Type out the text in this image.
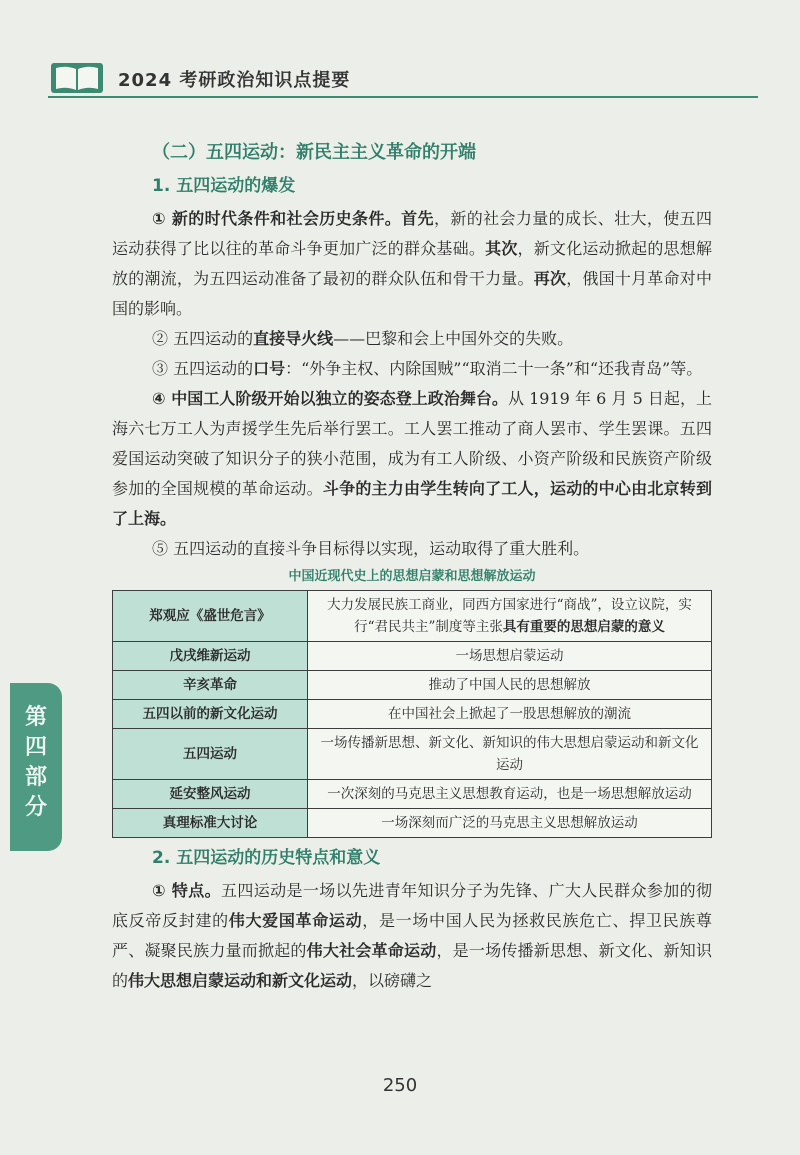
2024 考研政治知识点提要
（二）五四运动：新民主主义革命的开端
1. 五四运动的爆发

① 新的时代条件和社会历史条件。首先，新的社会力量的成长、壮大，使五四运动获得了比以往的革命斗争更加广泛的群众基础。其次，新文化运动掀起的思想解放的潮流，为五四运动准备了最初的群众队伍和骨干力量。再次，俄国十月革命对中国的影响。

② 五四运动的直接导火线——巴黎和会上中国外交的失败。

③ 五四运动的口号：“外争主权、内除国贼”“取消二十一条”和“还我青岛”等。

④ 中国工人阶级开始以独立的姿态登上政治舞台。从 1919 年 6 月 5 日起，上海六七万工人为声援学生先后举行罢工。工人罢工推动了商人罢市、学生罢课。五四爱国运动突破了知识分子的狭小范围，成为有工人阶级、小资产阶级和民族资产阶级参加的全国规模的革命运动。斗争的主力由学生转向了工人，运动的中心由北京转到了上海。

⑤ 五四运动的直接斗争目标得以实现，运动取得了重大胜利。

中国近现代史上的思想启蒙和思想解放运动
郑观应《盛世危言》	大力发展民族工商业，同西方国家进行“商战”，设立议院，实行“君民共主”制度等主张具有重要的思想启蒙的意义
戊戌维新运动	一场思想启蒙运动
辛亥革命	推动了中国人民的思想解放
五四以前的新文化运动	在中国社会上掀起了一股思想解放的潮流
五四运动	一场传播新思想、新文化、新知识的伟大思想启蒙运动和新文化运动
延安整风运动	一次深刻的马克思主义思想教育运动，也是一场思想解放运动
真理标准大讨论	一场深刻而广泛的马克思主义思想解放运动
2. 五四运动的历史特点和意义

① 特点。五四运动是一场以先进青年知识分子为先锋、广大人民群众参加的彻底反帝反封建的伟大爱国革命运动，是一场中国人民为拯救民族危亡、捍卫民族尊严、凝聚民族力量而掀起的伟大社会革命运动，是一场传播新思想、新文化、新知识的伟大思想启蒙运动和新文化运动，以磅礴之

第
四
部
分
250
